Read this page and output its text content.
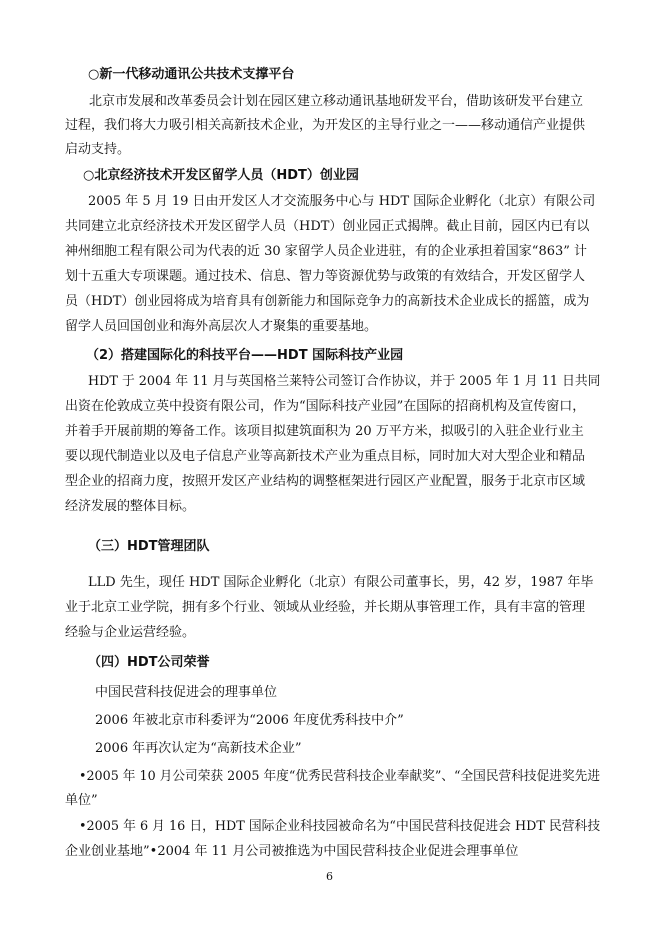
○新一代移动通讯公共技术支撑平台
北京市发展和改革委员会计划在园区建立移动通讯基地研发平台，借助该研发平台建立
过程，我们将大力吸引相关高新技术企业，为开发区的主导行业之一——移动通信产业提供
启动支持。
○北京经济技术开发区留学人员（HDT）创业园
2005 年 5 月 19 日由开发区人才交流服务中心与 HDT 国际企业孵化（北京）有限公司
共同建立北京经济技术开发区留学人员（HDT）创业园正式揭牌。截止目前，园区内已有以
神州细胞工程有限公司为代表的近 30 家留学人员企业进驻，有的企业承担着国家“863” 计
划十五重大专项课题。通过技术、信息、智力等资源优势与政策的有效结合，开发区留学人
员（HDT）创业园将成为培育具有创新能力和国际竞争力的高新技术企业成长的摇篮，成为
留学人员回国创业和海外高层次人才聚集的重要基地。
（2）搭建国际化的科技平台——HDT 国际科技产业园
HDT 于 2004 年 11 月与英国格兰莱特公司签订合作协议，并于 2005 年 1 月 11 日共同
出资在伦敦成立英中投资有限公司，作为“国际科技产业园”在国际的招商机构及宣传窗口，
并着手开展前期的筹备工作。该项目拟建筑面积为 20 万平方米，拟吸引的入驻企业行业主
要以现代制造业以及电子信息产业等高新技术产业为重点目标，同时加大对大型企业和精品
型企业的招商力度，按照开发区产业结构的调整框架进行园区产业配置，服务于北京市区域
经济发展的整体目标。
（三）HDT管理团队
LLD 先生，现任 HDT 国际企业孵化（北京）有限公司董事长，男，42 岁，1987 年毕
业于北京工业学院，拥有多个行业、领域从业经验，并长期从事管理工作，具有丰富的管理
经验与企业运营经验。
（四）HDT公司荣誉
中国民营科技促进会的理事单位
2006 年被北京市科委评为“2006 年度优秀科技中介”
2006 年再次认定为“高新技术企业”
•2005 年 10 月公司荣获 2005 年度“优秀民营科技企业奉献奖”、“全国民营科技促进奖先进
单位”
•2005 年 6 月 16 日，HDT 国际企业科技园被命名为“中国民营科技促进会 HDT 民营科技
企业创业基地”•2004 年 11 月公司被推选为中国民营科技企业促进会理事单位
6
